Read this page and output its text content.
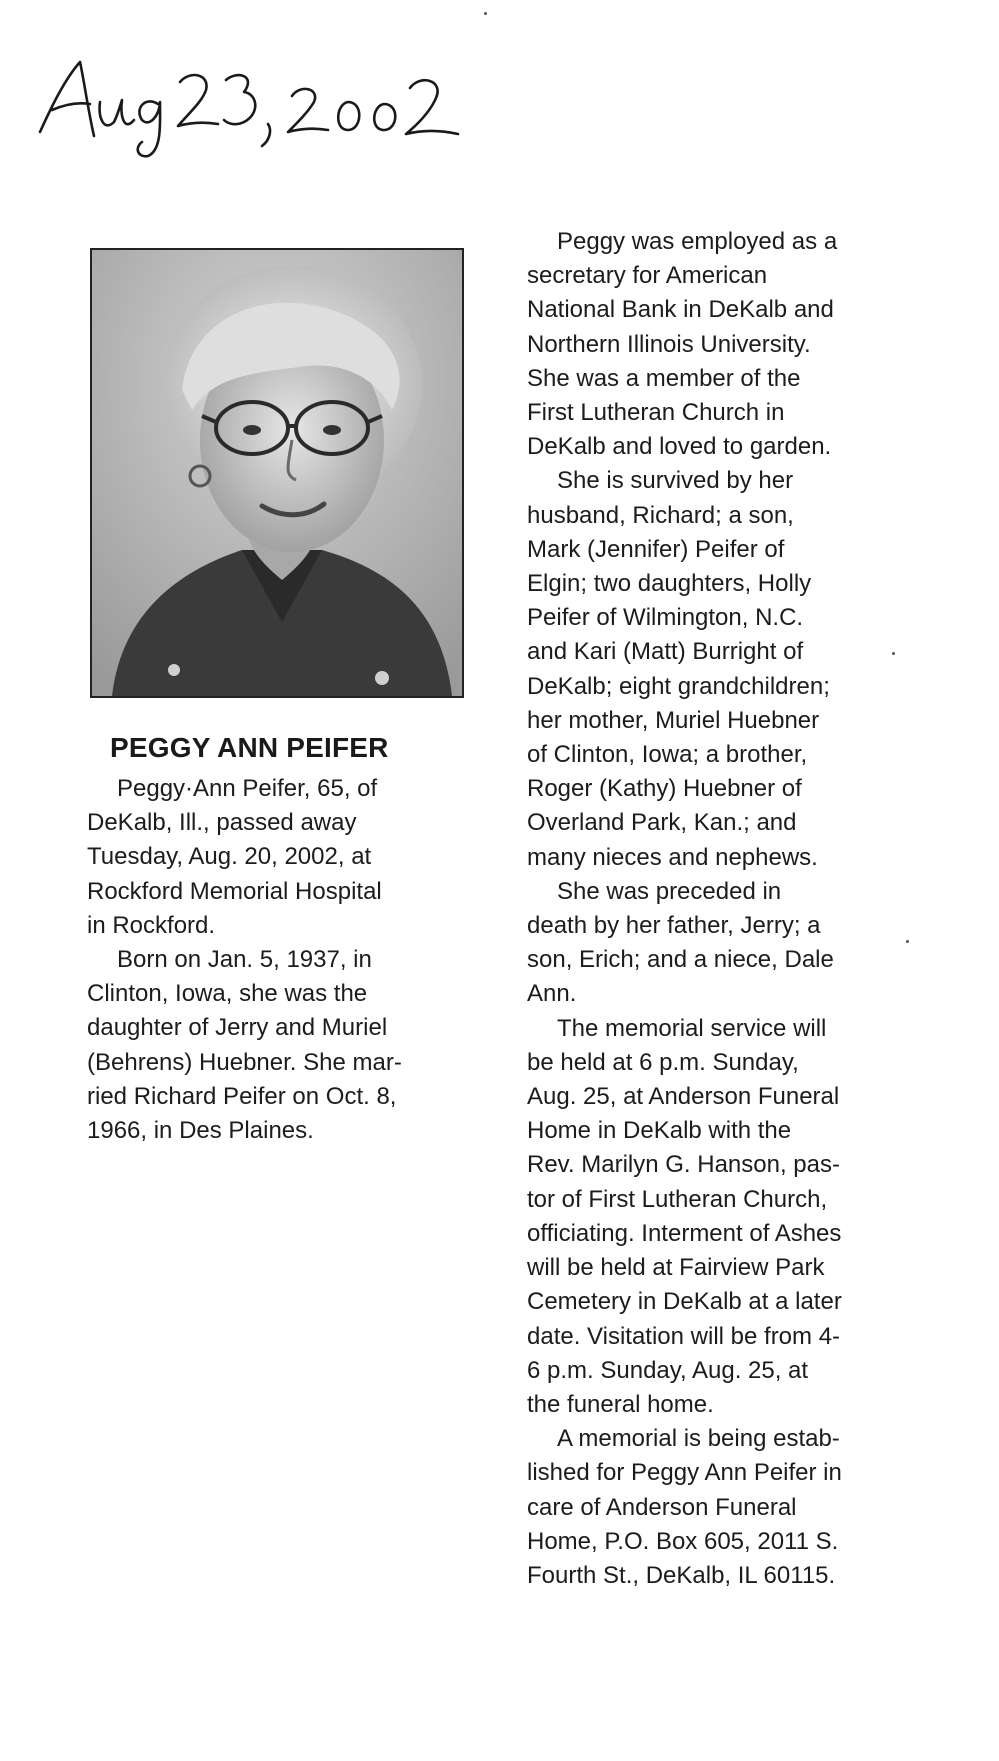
Aug 23, 2002
PEGGY ANN PEIFER

Peggy·Ann Peifer, 65, of
DeKalb, Ill., passed away
Tuesday, Aug. 20, 2002, at
Rockford Memorial Hospital
in Rockford.

Born on Jan. 5, 1937, in
Clinton, Iowa, she was the
daughter of Jerry and Muriel
(Behrens) Huebner. She mar-
ried Richard Peifer on Oct. 8,
1966, in Des Plaines.

Peggy was employed as a
secretary for American
National Bank in DeKalb and
Northern Illinois University.
She was a member of the
First Lutheran Church in
DeKalb and loved to garden.

She is survived by her
husband, Richard; a son,
Mark (Jennifer) Peifer of
Elgin; two daughters, Holly
Peifer of Wilmington, N.C.
and Kari (Matt) Burright of
DeKalb; eight grandchildren;
her mother, Muriel Huebner
of Clinton, Iowa; a brother,
Roger (Kathy) Huebner of
Overland Park, Kan.; and
many nieces and nephews.

She was preceded in
death by her father, Jerry; a
son, Erich; and a niece, Dale
Ann.

The memorial service will
be held at 6 p.m. Sunday,
Aug. 25, at Anderson Funeral
Home in DeKalb with the
Rev. Marilyn G. Hanson, pas-
tor of First Lutheran Church,
officiating. Interment of Ashes
will be held at Fairview Park
Cemetery in DeKalb at a later
date. Visitation will be from 4-
6 p.m. Sunday, Aug. 25, at
the funeral home.

A memorial is being estab-
lished for Peggy Ann Peifer in
care of Anderson Funeral
Home, P.O. Box 605, 2011 S.
Fourth St., DeKalb, IL 60115.
